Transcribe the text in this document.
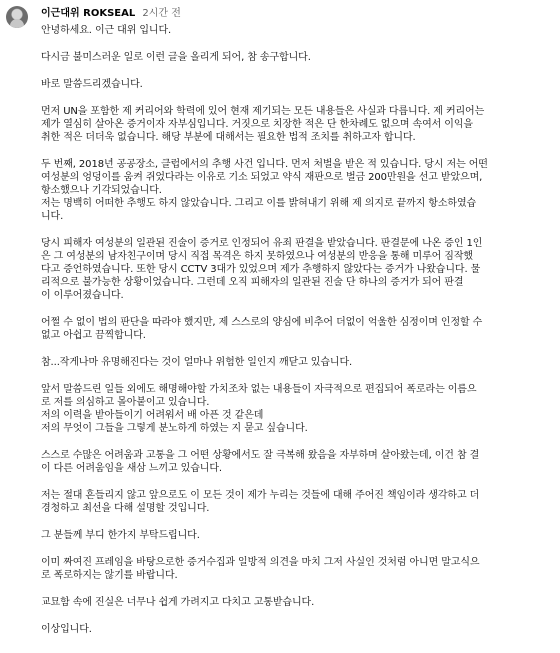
이근대위 ROKSEAL 2시간 전

안녕하세요. 이근 대위 입니다.

다시금 불미스러운 일로 이런 글을 올리게 되어, 참 송구합니다.

바로 말씀드리겠습니다.

먼저 UN을 포함한 제 커리어와 학력에 있어 현재 제기되는 모든 내용들은 사실과 다릅니다. 제 커리어는
제가 열심히 살아온 증거이자 자부심입니다. 거짓으로 치장한 적은 단 한차례도 없으며 속여서 이익을
취한 적은 더더욱 없습니다. 해당 부분에 대해서는 필요한 법적 조치를 취하고자 합니다.

두 번째, 2018년 공공장소, 클럽에서의 추행 사건 입니다. 먼저 처벌을 받은 적 있습니다. 당시 저는 어떤
여성분의 엉덩이를 움켜 쥐었다라는 이유로 기소 되었고 약식 재판으로 벌금 200만원을 선고 받았으며,
항소했으나 기각되었습니다.

저는 명백히 어떠한 추행도 하지 않았습니다. 그리고 이를 밝혀내기 위해 제 의지로 끝까지 항소하였습
니다.

당시 피해자 여성분의 일관된 진술이 증거로 인정되어 유죄 판결을 받았습니다. 판결문에 나온 증인 1인
은 그 여성분의 남자친구이며 당시 직접 목격은 하지 못하였으나 여성분의 반응을 통해 미루어 짐작했
다고 증언하였습니다. 또한 당시 CCTV 3대가 있었으며 제가 추행하지 않았다는 증거가 나왔습니다. 물
리적으로 불가능한 상황이었습니다. 그런데 오직 피해자의 일관된 진술 단 하나의 증거가 되어 판결
이 이루어졌습니다.

어쩔 수 없이 법의 판단을 따라야 했지만, 제 스스로의 양심에 비추어 더없이 억울한 심정이며 인정할 수
없고 아쉽고 끔찍합니다.

참...작게나마 유명해진다는 것이 얼마나 위험한 일인지 깨닫고 있습니다.

앞서 말씀드린 일들 외에도 해명해야할 가치조차 없는 내용들이 자극적으로 편집되어 폭로라는 이름으
로 저를 의심하고 몰아붙이고 있습니다.

저의 이력을 받아들이기 어려워서 배 아픈 것 같은데
저의 무엇이 그들을 그렇게 분노하게 하였는 지 묻고 싶습니다.

스스로 수많은 어려움과 고통을 그 어떤 상황에서도 잘 극복해 왔음을 자부하며 살아왔는데, 이건 참 결
이 다른 어려움임을 새삼 느끼고 있습니다.

저는 절대 흔들리지 않고 앞으로도 이 모든 것이 제가 누리는 것들에 대해 주어진 책임이라 생각하고 더
경청하고 최선을 다해 설명할 것입니다.

그 분들께 부디 한가지 부탁드립니다.

이미 짜여진 프레임을 바탕으로한 증거수집과 일방적 의견을 마치 그저 사실인 것처럼 아니면 말고식으
로 폭로하지는 않기를 바랍니다.

교묘함 속에 진실은 너무나 쉽게 가려지고 다치고 고통받습니다.

이상입니다.
